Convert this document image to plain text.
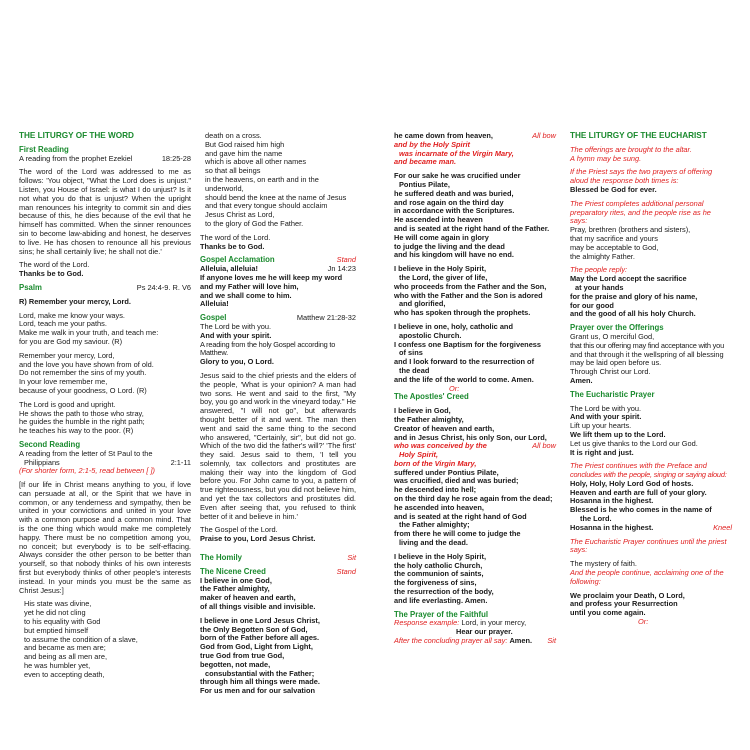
THE LITURGY OF THE WORD
First Reading
A reading from the prophet Ezekiel	18:25-28

The word of the Lord was addressed to me as follows: 'You object, "What the Lord does is unjust." Listen, you House of Israel: is what I do unjust? Is it not what you do that is unjust? When the upright man renounces his integrity to commit sin and dies because of this, he dies because of the evil that he himself has committed. When the sinner renounces sin to become law-abiding and honest, he deserves to live. He has chosen to renounce all his previous sins; he shall certainly live; he shall not die.'

The word of the Lord.
Thanks be to God.
Psalm	Ps 24:4-9. R. V6

R) Remember your mercy, Lord.

Lord, make me know your ways.
Lord, teach me your paths.
Make me walk in your truth, and teach me:
for you are God my saviour. (R)
Remember your mercy, Lord,
and the love you have shown from of old.
Do not remember the sins of my youth.
In your love remember me,
because of your goodness, O Lord. (R)
The Lord is good and upright.
He shows the path to those who stray,
he guides the humble in the right path;
he teaches his way to the poor. (R)
Second Reading
A reading from the letter of St Paul to the
Philippians	2:1-11
(For shorter form, 2:1-5, read between [ ])

[If our life in Christ means anything to you, if love can persuade at all, or the Spirit that we have in common, or any tenderness and sympathy, then be united in your convictions and united in your love with a common purpose and a common mind. That is the one thing which would make me completely happy. There must be no competition among you, no conceit; but everybody is to be self-effacing. Always consider the other person to be better than yourself, so that nobody thinks of his own interests first but everybody thinks of other people's interests instead. In your minds you must be the same as Christ Jesus:]

His state was divine,
yet he did not cling
to his equality with God
but emptied himself
to assume the condition of a slave,
and became as men are;
and being as all men are,
he was humbler yet,
even to accepting death,
death on a cross.
But God raised him high
and gave him the name
which is above all other names
so that all beings
in the heavens, on earth and in the underworld,
should bend the knee at the name of Jesus
and that every tongue should acclaim
Jesus Christ as Lord,
to the glory of God the Father.
The word of the Lord.
Thanks be to God.
Gospel Acclamation	Stand
Alleluia, alleluia!	Jn 14:23
If anyone loves me he will keep my word
and my Father will love him,
and we shall come to him.
Alleluia!
Gospel	Matthew 21:28-32
The Lord be with you.
And with your spirit.
A reading from the holy Gospel according to Matthew.
Glory to you, O Lord.

Jesus said to the chief priests and the elders of the people, 'What is your opinion? A man had two sons. He went and said to the first, "My boy, you go and work in the vineyard today." He answered, "I will not go", but afterwards thought better of it and went. The man then went and said the same thing to the second who answered, "Certainly, sir", but did not go. Which of the two did the father's will?' 'The first' they said. Jesus said to them, 'I tell you solemnly, tax collectors and prostitutes are making their way into the kingdom of God before you. For John came to you, a pattern of true righteousness, but you did not believe him, and yet the tax collectors and prostitutes did. Even after seeing that, you refused to think better of it and believe in him.'

The Gospel of the Lord.
Praise to you, Lord Jesus Christ.
The Homily	Sit
The Nicene Creed	Stand
I believe in one God,
the Father almighty,
maker of heaven and earth,
of all things visible and invisible.
I believe in one Lord Jesus Christ,
the Only Begotten Son of God,
born of the Father before all ages.
God from God, Light from Light,
true God from true God,
begotten, not made,
consubstantial with the Father;
through him all things were made.
For us men and for our salvation
he came down from heaven,	All bow
and by the Holy Spirit
was incarnate of the Virgin Mary,
and became man.
For our sake he was crucified under
Pontius Pilate,
he suffered death and was buried,
and rose again on the third day
in accordance with the Scriptures.
He ascended into heaven
and is seated at the right hand of the Father.
He will come again in glory
to judge the living and the dead
and his kingdom will have no end.
I believe in the Holy Spirit,
the Lord, the giver of life,
who proceeds from the Father and the Son,
who with the Father and the Son is adored
and glorified,
who has spoken through the prophets.
I believe in one, holy, catholic and
apostolic Church.
I confess one Baptism for the forgiveness
of sins
and I look forward to the resurrection of
the dead
and the life of the world to come. Amen.
Or:
The Apostles' Creed
I believe in God,
the Father almighty,
Creator of heaven and earth,
and in Jesus Christ, his only Son, our Lord,
who was conceived by the	All bow
Holy Spirit,
born of the Virgin Mary,
suffered under Pontius Pilate,
was crucified, died and was buried;
he descended into hell;
on the third day he rose again from the dead;
he ascended into heaven,
and is seated at the right hand of God
the Father almighty;
from there he will come to judge the
living and the dead.
I believe in the Holy Spirit,
the holy catholic Church,
the communion of saints,
the forgiveness of sins,
the resurrection of the body,
and life everlasting. Amen.
The Prayer of the Faithful
Response example: Lord, in your mercy,
Hear our prayer.
After the concluding prayer all say: Amen. Sit
THE LITURGY OF THE EUCHARIST
The offerings are brought to the altar.
A hymn may be sung.
If the Priest says the two prayers of offering
aloud the response both times is:

Blessed be God for ever.

The Priest completes additional personal
preparatory rites, and the people rise as he
says:
Pray, brethren (brothers and sisters),
that my sacrifice and yours
may be acceptable to God,
the almighty Father.
The people reply:
May the Lord accept the sacrifice
at your hands
for the praise and glory of his name,
for our good
and the good of all his holy Church.
Prayer over the Offerings
Grant us, O merciful God,
that this our offering may find acceptance with you
and that through it the wellspring of all blessing
may be laid open before us.
Through Christ our Lord.
Amen.
The Eucharistic Prayer
The Lord be with you.
And with your spirit.
Lift up your hearts.
We lift them up to the Lord.
Let us give thanks to the Lord our God.
It is right and just.
The Priest continues with the Preface and
concludes with the people, singing or saying aloud:
Holy, Holy, Holy Lord God of hosts.
Heaven and earth are full of your glory.
Hosanna in the highest.
Blessed is he who comes in the name of
the Lord.
Hosanna in the highest.	Kneel
The Eucharistic Prayer continues until the priest
says:
The mystery of faith.
And the people continue, acclaiming one of the
following:
We proclaim your Death, O Lord,
and profess your Resurrection
until you come again.
Or:
